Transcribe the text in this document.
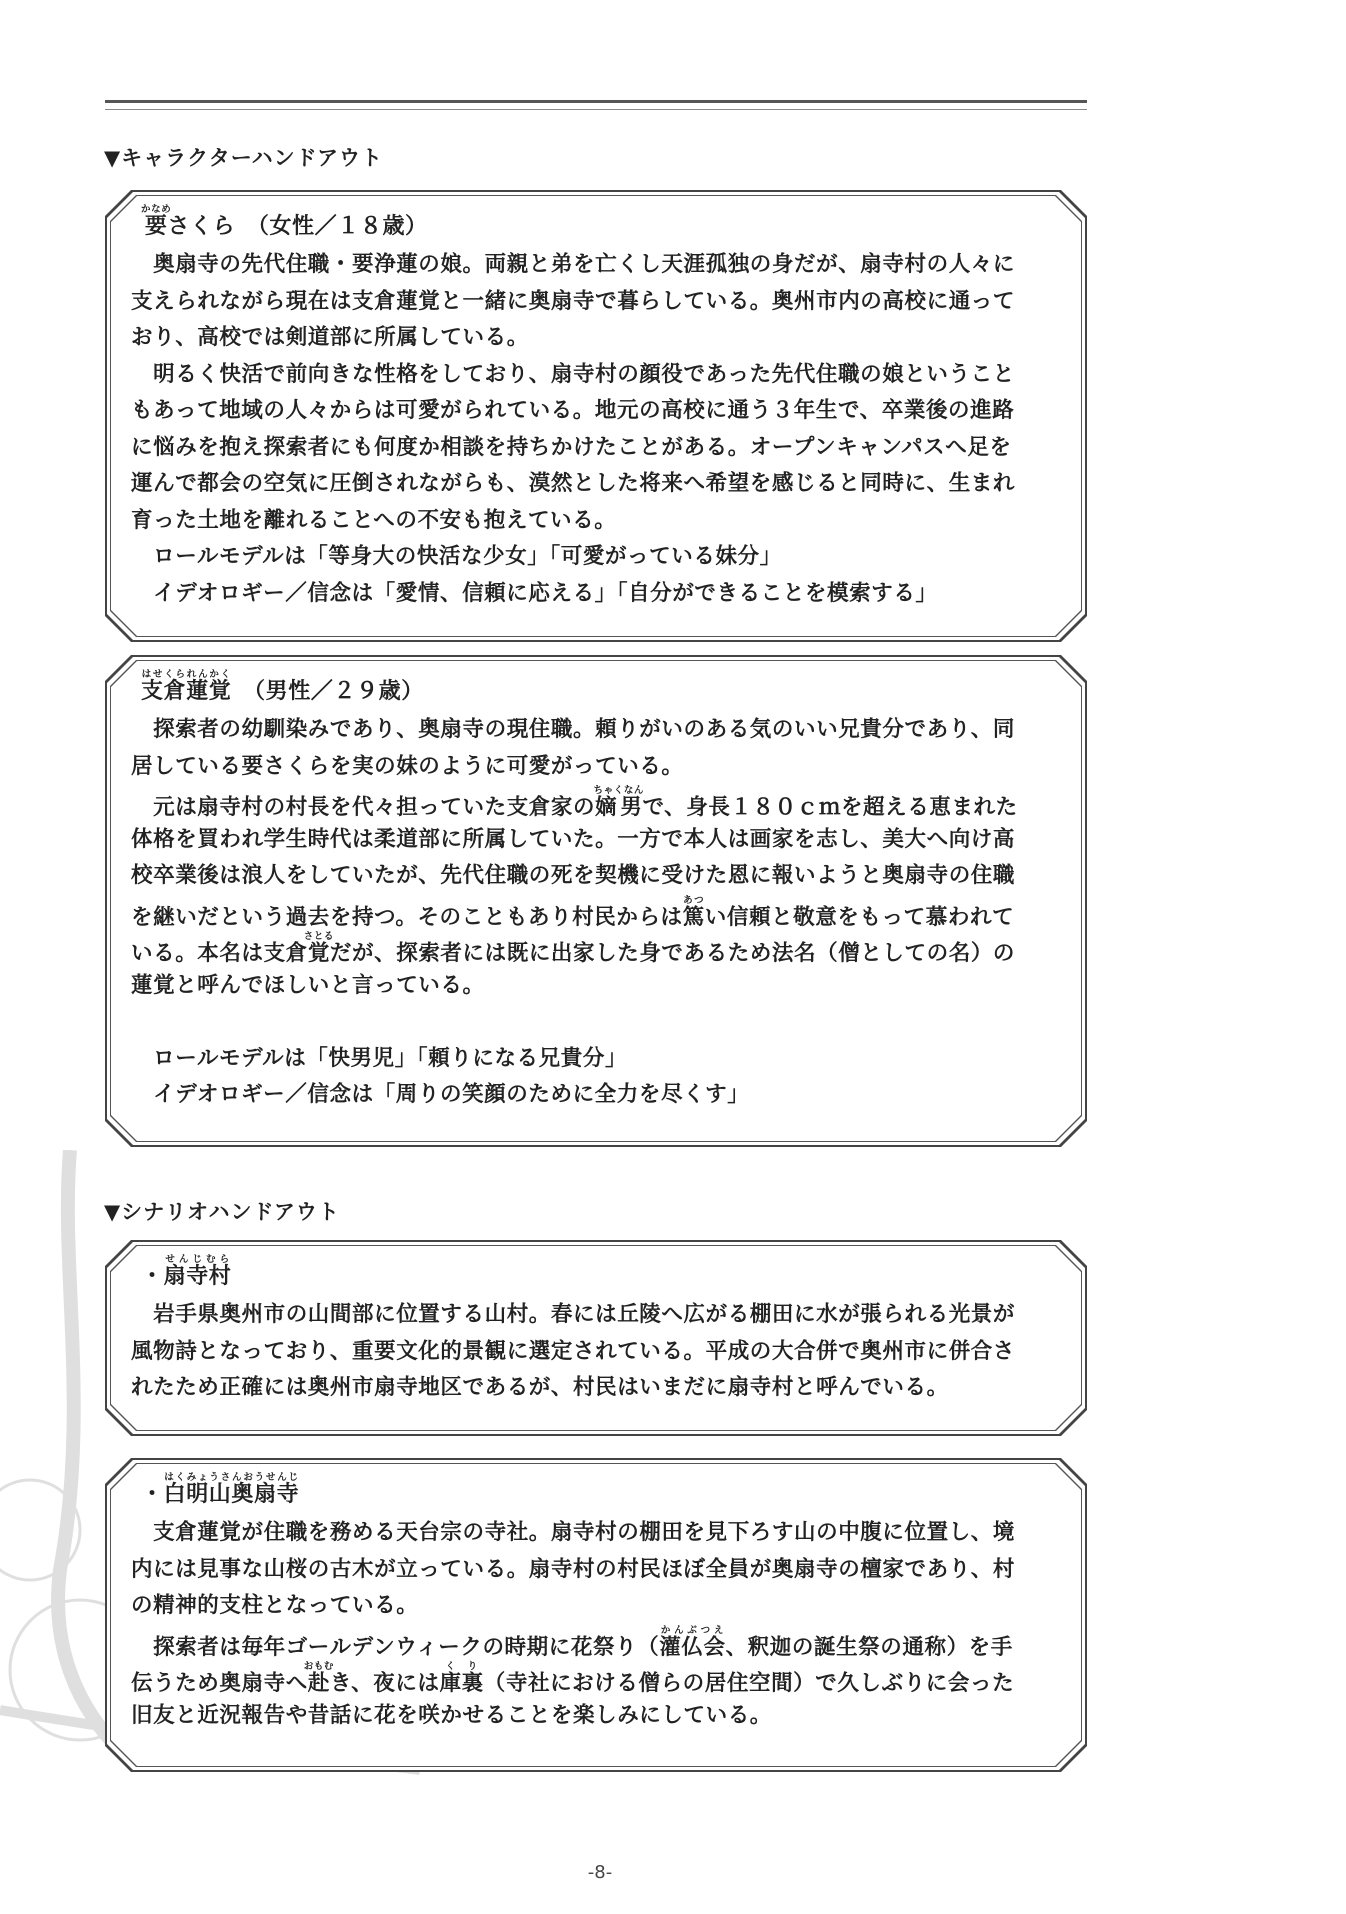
▼キャラクターハンドアウト
要かなめさくら　（女性／１８歳）
　奥扇寺の先代住職・要浄蓮の娘。両親と弟を亡くし天涯孤独の身だが、扇寺村の人々に
支えられながら現在は支倉蓮覚と一緒に奥扇寺で暮らしている。奥州市内の高校に通って
おり、高校では剣道部に所属している。
　明るく快活で前向きな性格をしており、扇寺村の顔役であった先代住職の娘ということ
もあって地域の人々からは可愛がられている。地元の高校に通う３年生で、卒業後の進路
に悩みを抱え探索者にも何度か相談を持ちかけたことがある。オープンキャンパスへ足を
運んで都会の空気に圧倒されながらも、漠然とした将来へ希望を感じると同時に、生まれ
育った土地を離れることへの不安も抱えている。
　ロールモデルは「等身大の快活な少女」「可愛がっている妹分」
　イデオロギー／信念は「愛情、信頼に応える」「自分ができることを模索する」
支倉蓮覚はせくられんかく　（男性／２９歳）
　探索者の幼馴染みであり、奥扇寺の現住職。頼りがいのある気のいい兄貴分であり、同
居している要さくらを実の妹のように可愛がっている。
　元は扇寺村の村長を代々担っていた支倉家の嫡男ちゃくなんで、身長１８０ｃｍを超える恵まれた
体格を買われ学生時代は柔道部に所属していた。一方で本人は画家を志し、美大へ向け高
校卒業後は浪人をしていたが、先代住職の死を契機に受けた恩に報いようと奥扇寺の住職
を継いだという過去を持つ。そのこともあり村民からは篤あつい信頼と敬意をもって慕われて
いる。本名は支倉覚さとるだが、探索者には既に出家した身であるため法名（僧としての名）の
蓮覚と呼んでほしいと言っている。
　ロールモデルは「快男児」「頼りになる兄貴分」
　イデオロギー／信念は「周りの笑顔のために全力を尽くす」
▼シナリオハンドアウト
・扇寺村せんじむら
　岩手県奥州市の山間部に位置する山村。春には丘陵へ広がる棚田に水が張られる光景が
風物詩となっており、重要文化的景観に選定されている。平成の大合併で奥州市に併合さ
れたため正確には奥州市扇寺地区であるが、村民はいまだに扇寺村と呼んでいる。
・白明山奥扇寺はくみょうさんおうせんじ
　支倉蓮覚が住職を務める天台宗の寺社。扇寺村の棚田を見下ろす山の中腹に位置し、境
内には見事な山桜の古木が立っている。扇寺村の村民ほぼ全員が奥扇寺の檀家であり、村
の精神的支柱となっている。
　探索者は毎年ゴールデンウィークの時期に花祭り（灌仏会かんぶつえ、釈迦の誕生祭の通称）を手
伝うため奥扇寺へ赴おもむき、夜には庫裏くり（寺社における僧らの居住空間）で久しぶりに会った
旧友と近況報告や昔話に花を咲かせることを楽しみにしている。
-8-
